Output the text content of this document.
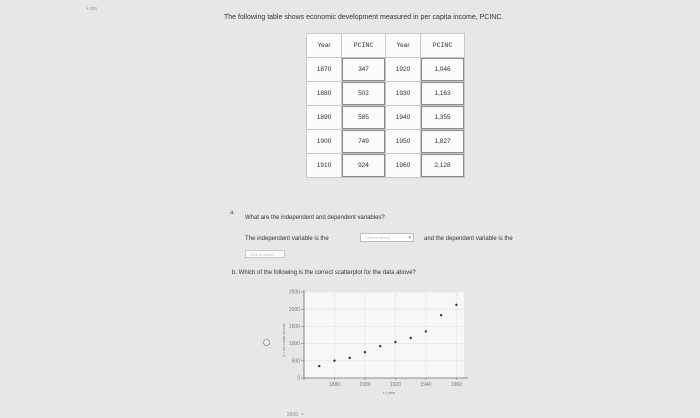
+ pts
The following table shows economic development measured in per capita income, PCINC.
Year	PCINC	Year	PCINC
1870	347	1920	1,046
1880	502	1930	1,163
1890	585	1940	1,355
1900	749	1950	1,827
1910	924	1960	2,128
a.
What are the independent and dependent variables?
The independent variable is the	Click to select	▾ and the dependent variable is the
Click to select
b. Which of the following is the correct scatterplot for the data above?
0
500
1000
1500
2000
2500
1880	1900	1920	1940	1960
x = year
y = per capita income
2500
